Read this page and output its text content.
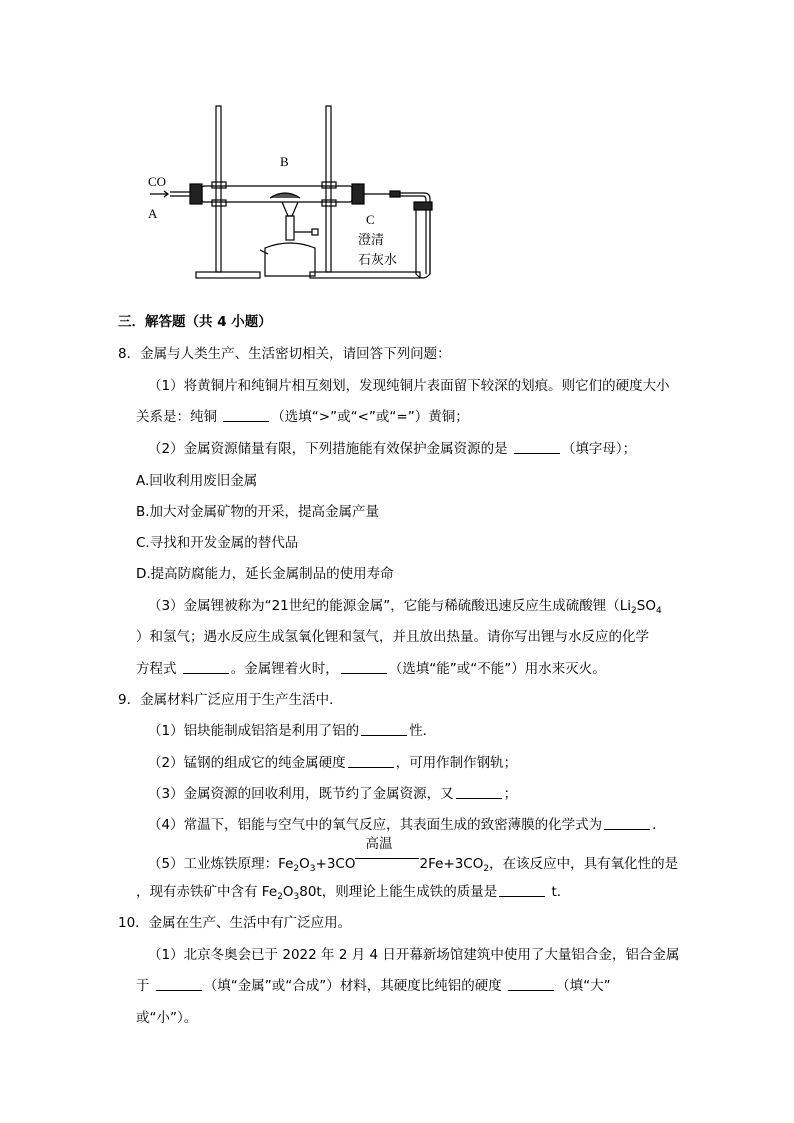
CO
A
B
C
澄清
石灰水
三．解答题（共 4 小题）
8．金属与人类生产、生活密切相关，请回答下列问题：
（1）将黄铜片和纯铜片相互刻划，发现纯铜片表面留下较深的划痕。则它们的硬度大小
关系是：纯铜	（选填“>”或“<”或“=”）黄铜；
（2）金属资源储量有限，下列措施能有效保护金属资源的是	（填字母）；
A.回收利用废旧金属
B.加大对金属矿物的开采，提高金属产量
C.寻找和开发金属的替代品
D.提高防腐能力，延长金属制品的使用寿命
（3）金属锂被称为“21世纪的能源金属”，它能与稀硫酸迅速反应生成硫酸锂（$Li_2SO_4$
）和氢气；遇水反应生成氢氧化锂和氢气，并且放出热量。请你写出锂与水反应的化学
方程式	。金属锂着火时，	（选填“能”或“不能”）用水来灭火。
9．金属材料广泛应用于生产生活中．
（1）铝块能制成铝箔是利用了铝的	性．
（2）锰钢的组成它的纯金属硬度	，可用作制作钢轨；
（3）金属资源的回收利用，既节约了金属资源，又	；
（4）常温下，铝能与空气中的氧气反应，其表面生成的致密薄膜的化学式为	．
（5）工业炼铁原理：$Fe_2O_3+3CO$
高温
$2Fe+3CO_2$，在该反应中，具有氧化性的是
，现有赤铁矿中含有 $Fe_2O_380t$，则理论上能生成铁的质量是	t．
10．金属在生产、生活中有广泛应用。
（1）北京冬奥会已于 2022 年 2 月 4 日开幕新场馆建筑中使用了大量铝合金，铝合金属
于	（填“金属”或“合成”）材料，其硬度比纯铝的硬度	（填“大”
或“小”）。
